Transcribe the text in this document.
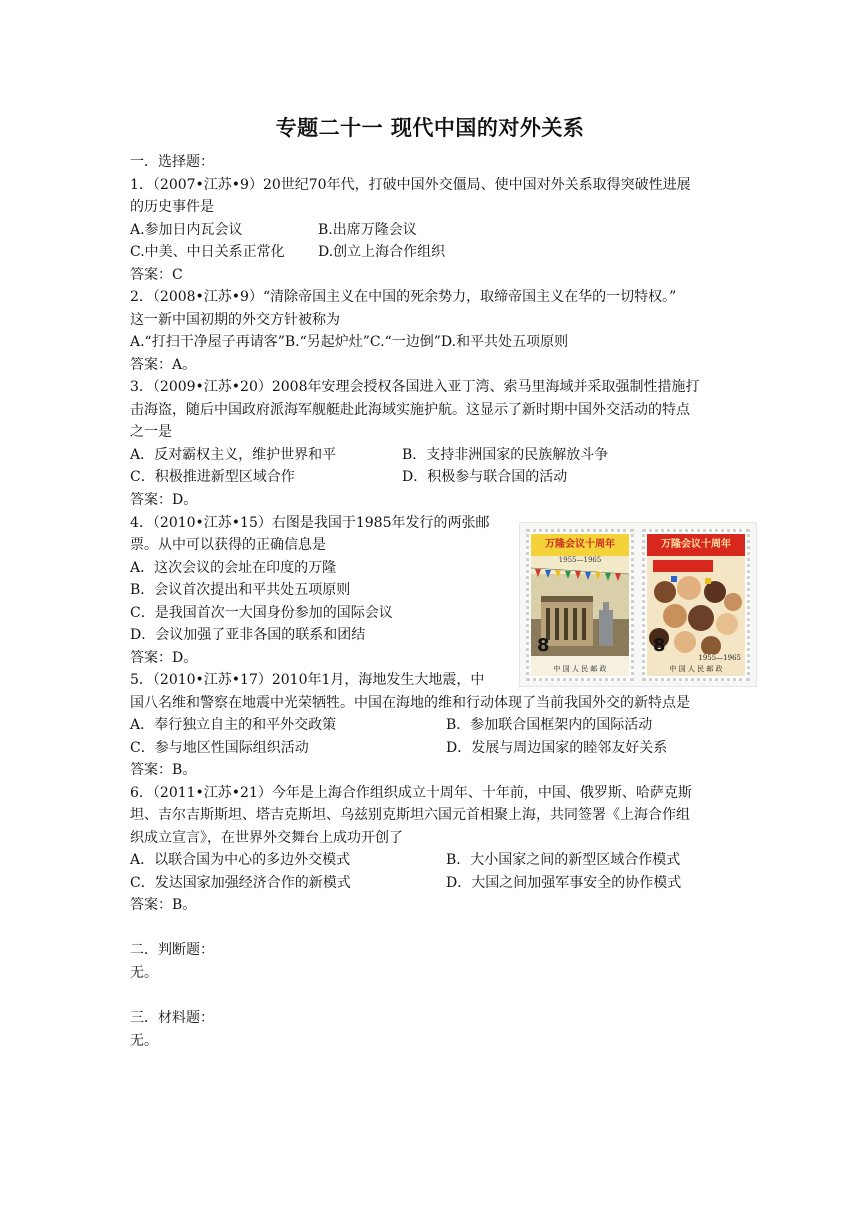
专题二十一 现代中国的对外关系
一．选择题：
1．（2007•江苏•9）20世纪70年代，打破中国外交僵局、使中国对外关系取得突破性进展
的历史事件是
A.参加日内瓦会议	B.出席万隆会议
C.中美、中日关系正常化 D.创立上海合作组织
答案：C
2．（2008•江苏•9）“清除帝国主义在中国的死余势力，取缔帝国主义在华的一切特权。”
这一新中国初期的外交方针被称为
A.“打扫干净屋子再请客”B.“另起炉灶”C.“一边倒”D.和平共处五项原则
答案：A。
3．（2009•江苏•20）2008年安理会授权各国进入亚丁湾、索马里海域并采取强制性措施打
击海盗，随后中国政府派海军舰艇赴此海域实施护航。这显示了新时期中国外交活动的特点
之一是
A．反对霸权主义，维护世界和平	B．支持非洲国家的民族解放斗争
C．积极推进新型区域合作	D．积极参与联合国的活动
答案：D。
4．（2010•江苏•15）右图是我国于1985年发行的两张邮
票。从中可以获得的正确信息是
A．这次会议的会址在印度的万隆
B．会议首次提出和平共处五项原则
C．是我国首次一大国身份参加的国际会议
D．会议加强了亚非各国的联系和团结
答案：D。
万隆会议十周年
1955—1965
8
中 国 人 民 邮 政
万隆会议十周年
8
1955—1965
中 国 人 民 邮 政
5．（2010•江苏•17）2010年1月，海地发生大地震，中
国八名维和警察在地震中光荣牺牲。中国在海地的维和行动体现了当前我国外交的新特点是
A．奉行独立自主的和平外交政策	B．参加联合国框架内的国际活动
C．参与地区性国际组织活动	D．发展与周边国家的睦邻友好关系
答案：B。
6．（2011•江苏•21）今年是上海合作组织成立十周年、十年前，中国、俄罗斯、哈萨克斯
坦、吉尔吉斯斯坦、塔吉克斯坦、乌兹别克斯坦六国元首相聚上海，共同签署《上海合作组
织成立宣言》，在世界外交舞台上成功开创了
A．以联合国为中心的多边外交模式	B．大小国家之间的新型区域合作模式
C．发达国家加强经济合作的新模式	D．大国之间加强军事安全的协作模式
答案：B。
二．判断题：
无。
三．材料题：
无。
